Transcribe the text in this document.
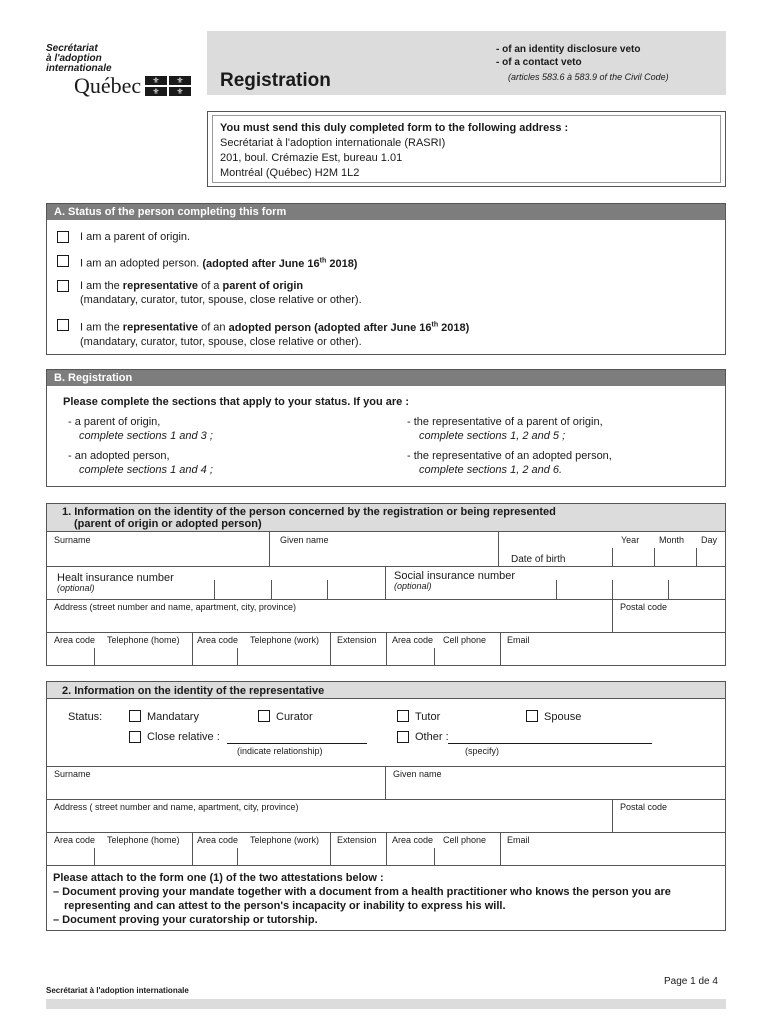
Secrétariat
à l'adoption
internationale
Québec	⚜	⚜
⚜	⚜
Registration
- of an identity disclosure veto
- of a contact veto
(articles 583.6 à 583.9 of the Civil Code)
You must send this duly completed form to the following address :
Secrétariat à l'adoption internationale (RASRI)
201, boul. Crémazie Est, bureau 1.01
Montréal (Québec) H2M 1L2
A. Status of the person completing this form
I am a parent of origin.
I am an adopted person. (adopted after June 16th 2018)
I am the representative of a parent of origin
(mandatary, curator, tutor, spouse, close relative or other).
I am the representative of an adopted person (adopted after June 16th 2018)
(mandatary, curator, tutor, spouse, close relative or other).
B. Registration
Please complete the sections that apply to your status. If you are :
- a parent of origin,
complete sections 1 and 3 ;
- an adopted person,
complete sections 1 and 4 ;
- the representative of a parent of origin,
complete sections 1, 2 and 5 ;
- the representative of an adopted person,
complete sections 1, 2 and 6.
1. Information on the identity of the person concerned by the registration or being represented
(parent of origin or adopted person)
Surname	Given name	Year Month Day
Date of birth
Healt insurance number
(optional)
Social insurance number
(optional)
Address (street number and name, apartment, city, province)	Postal code
Area code Telephone (home) Area code Telephone (work) Extension Area code Cell phone Email
2. Information on the identity of the representative
Status:	Mandatary	Curator	Tutor	Spouse
Close relative :
(indicate relationship)
Other :
(specify)
Surname	Given name
Address ( street number and name, apartment, city, province)	Postal code
Area code Telephone (home) Area code Telephone (work) Extension Area code Cell phone Email
Please attach to the form one (1) of the two attestations below :
– Document proving your mandate together with a document from a health practitioner who knows the person you are
representing and can attest to the person's incapacity or inability to express his will.
– Document proving your curatorship or tutorship.
Page 1 de 4
Secrétariat à l'adoption internationale
